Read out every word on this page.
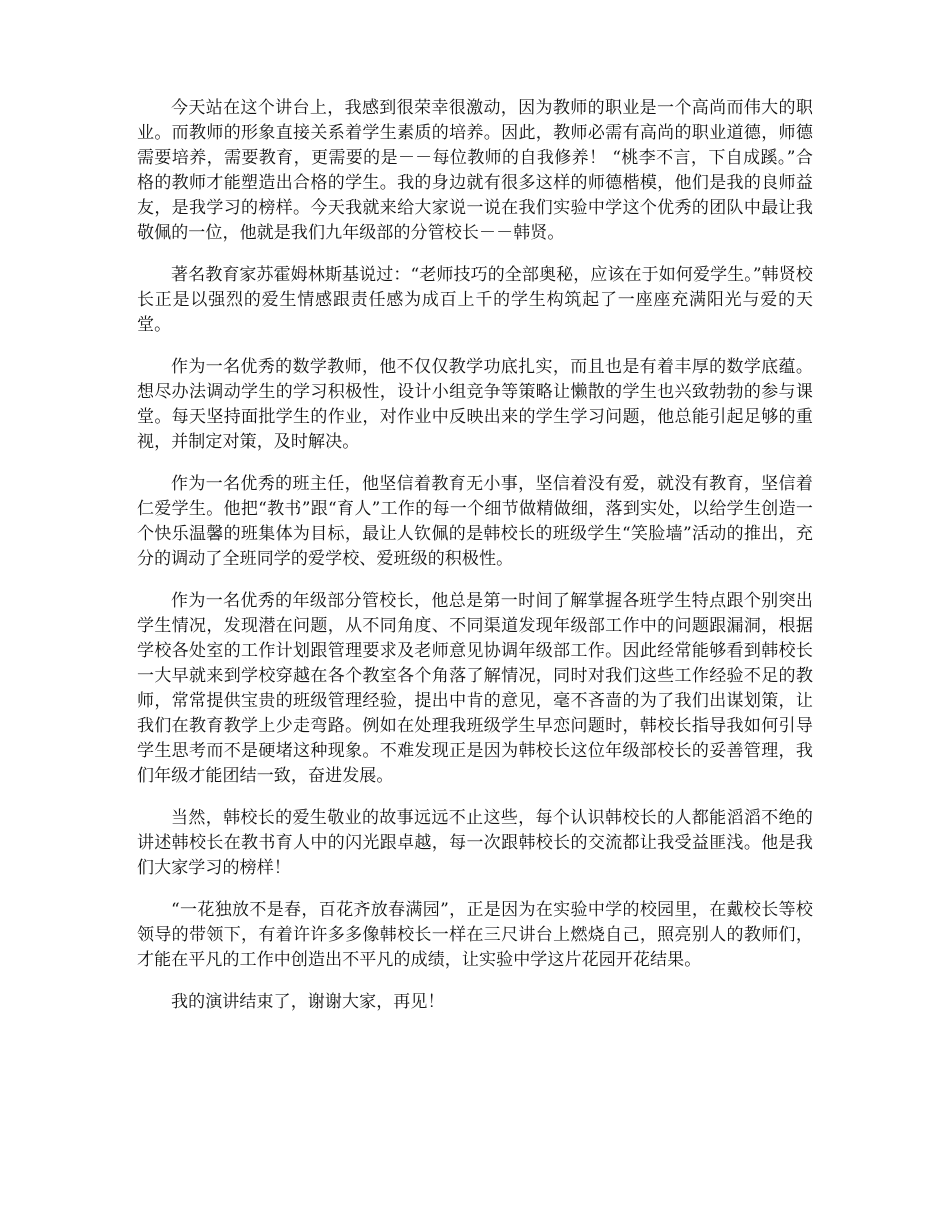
今天站在这个讲台上，我感到很荣幸很激动，因为教师的职业是一个高尚而伟大的职业。而教师的形象直接关系着学生素质的培养。因此，教师必需有高尚的职业道德，师德需要培养，需要教育，更需要的是－－每位教师的自我修养！ “桃李不言，下自成蹊。”合格的教师才能塑造出合格的学生。我的身边就有很多这样的师德楷模，他们是我的良师益友，是我学习的榜样。今天我就来给大家说一说在我们实验中学这个优秀的团队中最让我敬佩的一位，他就是我们九年级部的分管校长－－韩贤。

著名教育家苏霍姆林斯基说过：“老师技巧的全部奥秘，应该在于如何爱学生。”韩贤校长正是以强烈的爱生情感跟责任感为成百上千的学生构筑起了一座座充满阳光与爱的天堂。

作为一名优秀的数学教师，他不仅仅教学功底扎实，而且也是有着丰厚的数学底蕴。想尽办法调动学生的学习积极性，设计小组竞争等策略让懒散的学生也兴致勃勃的参与课堂。每天坚持面批学生的作业，对作业中反映出来的学生学习问题，他总能引起足够的重视，并制定对策，及时解决。

作为一名优秀的班主任，他坚信着教育无小事，坚信着没有爱，就没有教育，坚信着仁爱学生。他把“教书”跟“育人”工作的每一个细节做精做细，落到实处，以给学生创造一个快乐温馨的班集体为目标，最让人钦佩的是韩校长的班级学生“笑脸墙”活动的推出，充分的调动了全班同学的爱学校、爱班级的积极性。

作为一名优秀的年级部分管校长，他总是第一时间了解掌握各班学生特点跟个别突出学生情况，发现潜在问题，从不同角度、不同渠道发现年级部工作中的问题跟漏洞，根据学校各处室的工作计划跟管理要求及老师意见协调年级部工作。因此经常能够看到韩校长一大早就来到学校穿越在各个教室各个角落了解情况，同时对我们这些工作经验不足的教师，常常提供宝贵的班级管理经验，提出中肯的意见，毫不吝啬的为了我们出谋划策，让我们在教育教学上少走弯路。例如在处理我班级学生早恋问题时，韩校长指导我如何引导学生思考而不是硬堵这种现象。不难发现正是因为韩校长这位年级部校长的妥善管理，我们年级才能团结一致，奋进发展。

当然，韩校长的爱生敬业的故事远远不止这些，每个认识韩校长的人都能滔滔不绝的讲述韩校长在教书育人中的闪光跟卓越，每一次跟韩校长的交流都让我受益匪浅。他是我们大家学习的榜样！

“一花独放不是春，百花齐放春满园”，正是因为在实验中学的校园里，在戴校长等校领导的带领下，有着许许多多像韩校长一样在三尺讲台上燃烧自己，照亮别人的教师们，才能在平凡的工作中创造出不平凡的成绩，让实验中学这片花园开花结果。

我的演讲结束了，谢谢大家，再见！
